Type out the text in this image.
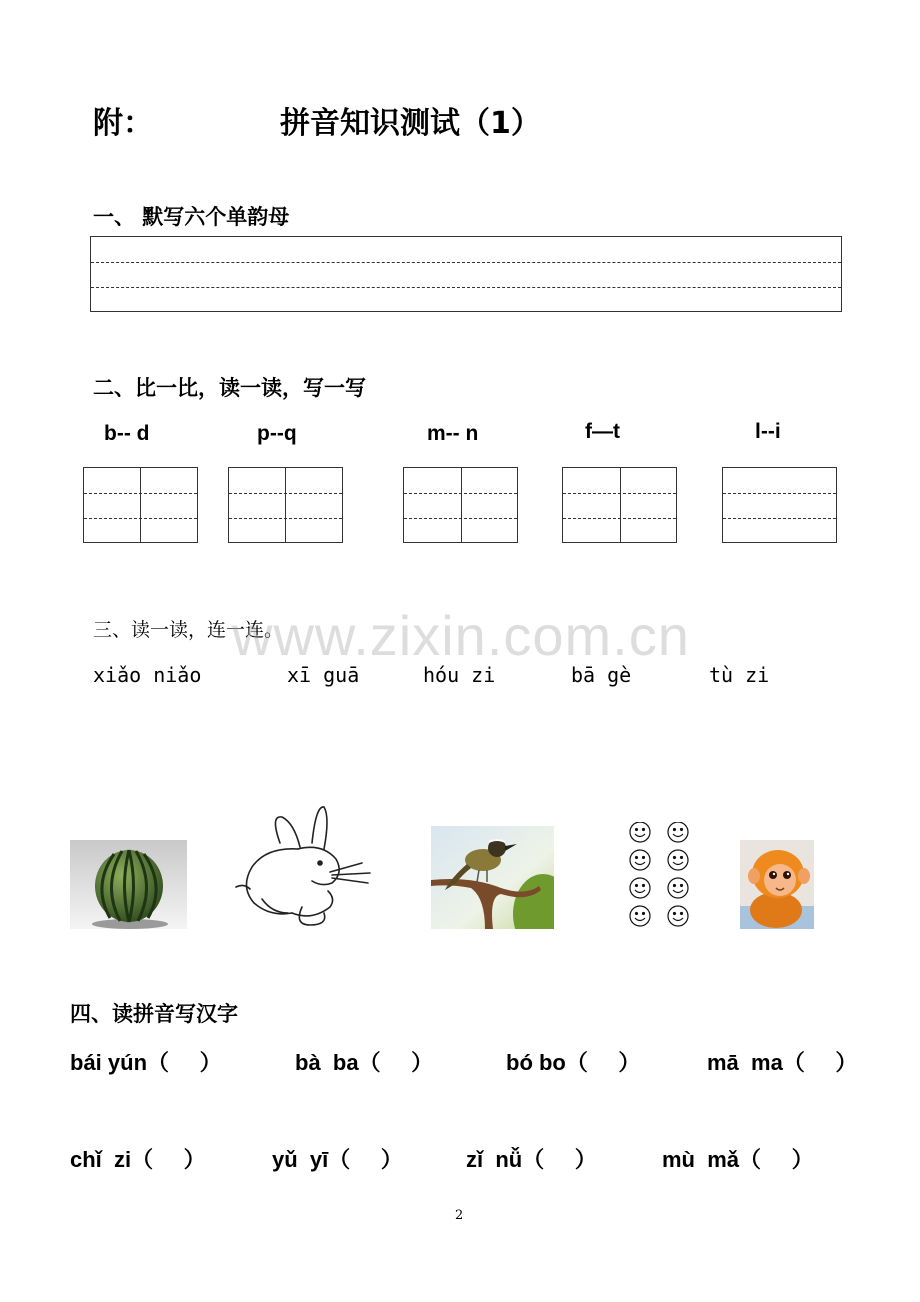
附：	拼音知识测试（1）
一、 默写六个单韵母
二、比一比，读一读，写一写
b-- d	p--q	m-- n	f—t	l--i
三、读一读，连一连。
xiǎo niǎo	xī guā	hóu zi	bā gè	tù zi
www.zixin.com.cn
四、读拼音写汉字
bái yún（     ）	bà  ba（     ）	bó bo（     ）	mā  ma（     ）
chǐ  zi（     ）	yǔ  yī（     ）	zǐ  nǚ（     ）	mù  mǎ（     ）
2
